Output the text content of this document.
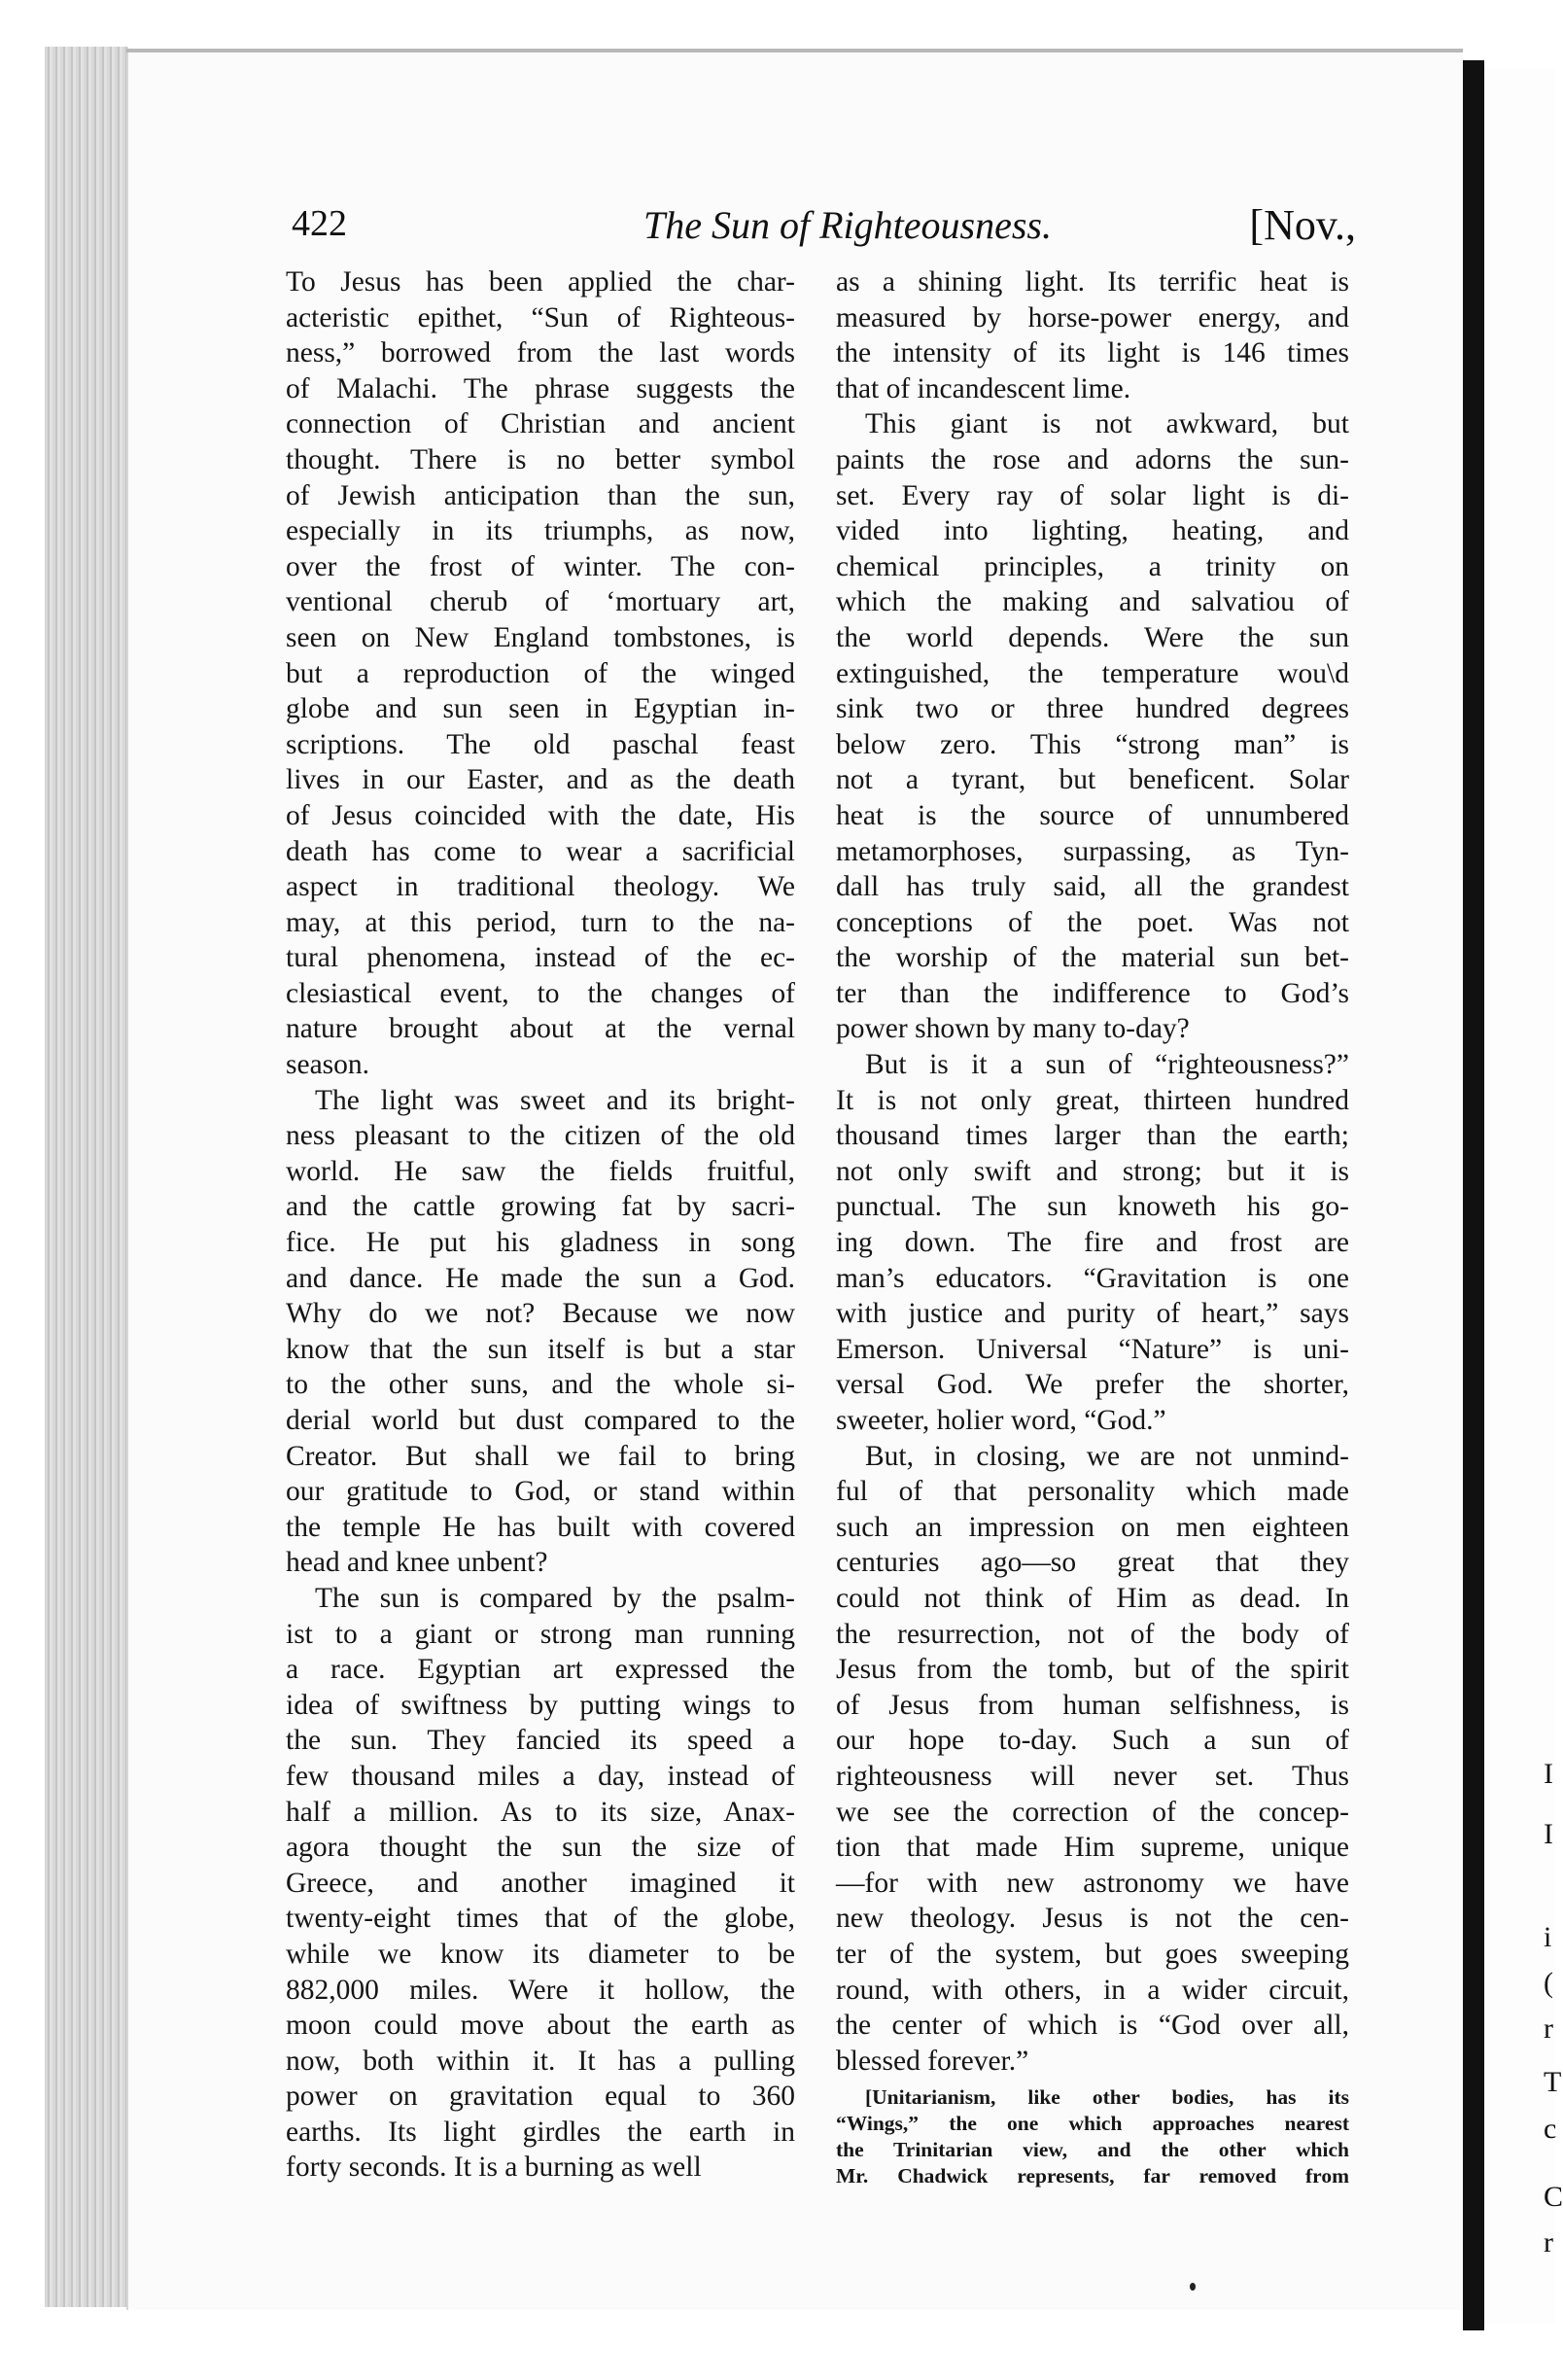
422	The Sun of Righteousness.	[Nov.,
To Jesus has been applied the char-
acteristic epithet, “Sun of Righteous-
ness,” borrowed from the last words
of Malachi. The phrase suggests the
connection of Christian and ancient
thought. There is no better symbol
of Jewish anticipation than the sun,
especially in its triumphs, as now,
over the frost of winter. The con-
ventional cherub of ‘mortuary art,
seen on New England tombstones, is
but a reproduction of the winged
globe and sun seen in Egyptian in-
scriptions. The old paschal feast
lives in our Easter, and as the death
of Jesus coincided with the date, His
death has come to wear a sacrificial
aspect in traditional theology. We
may, at this period, turn to the na-
tural phenomena, instead of the ec-
clesiastical event, to the changes of
nature brought about at the vernal
season.
The light was sweet and its bright-
ness pleasant to the citizen of the old
world. He saw the fields fruitful,
and the cattle growing fat by sacri-
fice. He put his gladness in song
and dance. He made the sun a God.
Why do we not? Because we now
know that the sun itself is but a star
to the other suns, and the whole si-
derial world but dust compared to the
Creator. But shall we fail to bring
our gratitude to God, or stand within
the temple He has built with covered
head and knee unbent?
The sun is compared by the psalm-
ist to a giant or strong man running
a race. Egyptian art expressed the
idea of swiftness by putting wings to
the sun. They fancied its speed a
few thousand miles a day, instead of
half a million. As to its size, Anax-
agora thought the sun the size of
Greece, and another imagined it
twenty-eight times that of the globe,
while we know its diameter to be
882,000 miles. Were it hollow, the
moon could move about the earth as
now, both within it. It has a pulling
power on gravitation equal to 360
earths. Its light girdles the earth in
forty seconds. It is a burning as well
as a shining light. Its terrific heat is
measured by horse-power energy, and
the intensity of its light is 146 times
that of incandescent lime.
This giant is not awkward, but
paints the rose and adorns the sun-
set. Every ray of solar light is di-
vided into lighting, heating, and
chemical principles, a trinity on
which the making and salvatiou of
the world depends. Were the sun
extinguished, the temperature wou\d
sink two or three hundred degrees
below zero. This “strong man” is
not a tyrant, but beneficent. Solar
heat is the source of unnumbered
metamorphoses, surpassing, as Tyn-
dall has truly said, all the grandest
conceptions of the poet. Was not
the worship of the material sun bet-
ter than the indifference to God’s
power shown by many to-day?
But is it a sun of “righteousness?”
It is not only great, thirteen hundred
thousand times larger than the earth;
not only swift and strong; but it is
punctual. The sun knoweth his go-
ing down. The fire and frost are
man’s educators. “Gravitation is one
with justice and purity of heart,” says
Emerson. Universal “Nature” is uni-
versal God. We prefer the shorter,
sweeter, holier word, “God.”
But, in closing, we are not unmind-
ful of that personality which made
such an impression on men eighteen
centuries ago—so great that they
could not think of Him as dead. In
the resurrection, not of the body of
Jesus from the tomb, but of the spirit
of Jesus from human selfishness, is
our hope to-day. Such a sun of
righteousness will never set. Thus
we see the correction of the concep-
tion that made Him supreme, unique
—for with new astronomy we have
new theology. Jesus is not the cen-
ter of the system, but goes sweeping
round, with others, in a wider circuit,
the center of which is “God over all,
blessed forever.”
[Unitarianism, like other bodies, has its
“Wings,” the one which approaches nearest
the Trinitarian view, and the other which
Mr. Chadwick represents, far removed from
I
I
i
(
r
T
c
C
r
